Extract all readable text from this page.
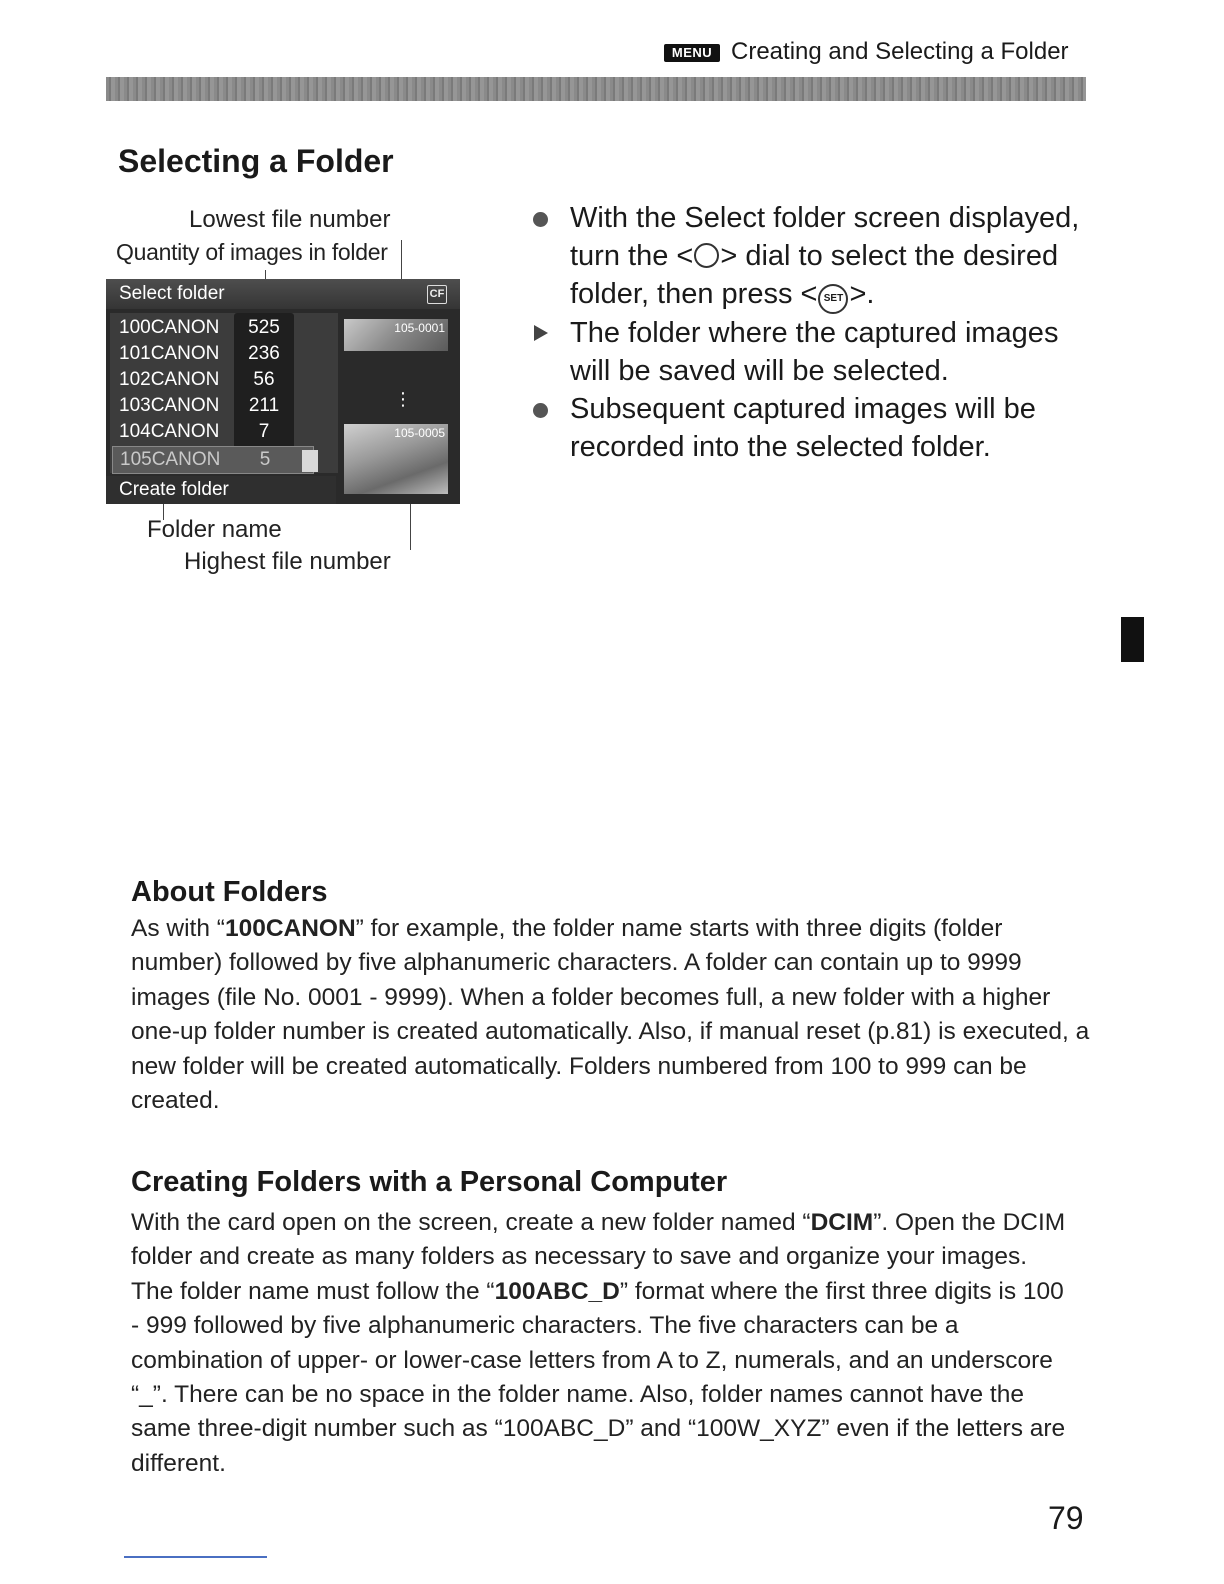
MENU Creating and Selecting a Folder
Selecting a Folder
Lowest file number
Quantity of images in folder
Select folder	CF
100CANON	525
101CANON	236
102CANON	56
103CANON	211
104CANON	7
105CANON	5
Create folder
105-0001
⋮
105-0005
Folder name
Highest file number
With the Select folder screen displayed, turn the < > dial to select the desired folder, then press < SET >.
The folder where the captured images will be saved will be selected.
Subsequent captured images will be recorded into the selected folder.
About Folders
As with “100CANON” for example, the folder name starts with three digits (folder number) followed by five alphanumeric characters. A folder can contain up to 9999 images (file No. 0001 - 9999). When a folder becomes full, a new folder with a higher one-up folder number is created automatically. Also, if manual reset (p.81) is executed, a new folder will be created automatically. Folders numbered from 100 to 999 can be created.
Creating Folders with a Personal Computer
With the card open on the screen, create a new folder named “DCIM”. Open the DCIM folder and create as many folders as necessary to save and organize your images. The folder name must follow the “100ABC_D” format where the first three digits is 100 - 999 followed by five alphanumeric characters. The five characters can be a combination of upper- or lower-case letters from A to Z, numerals, and an underscore “_”. There can be no space in the folder name. Also, folder names cannot have the same three-digit number such as “100ABC_D” and “100W_XYZ” even if the letters are different.
79
